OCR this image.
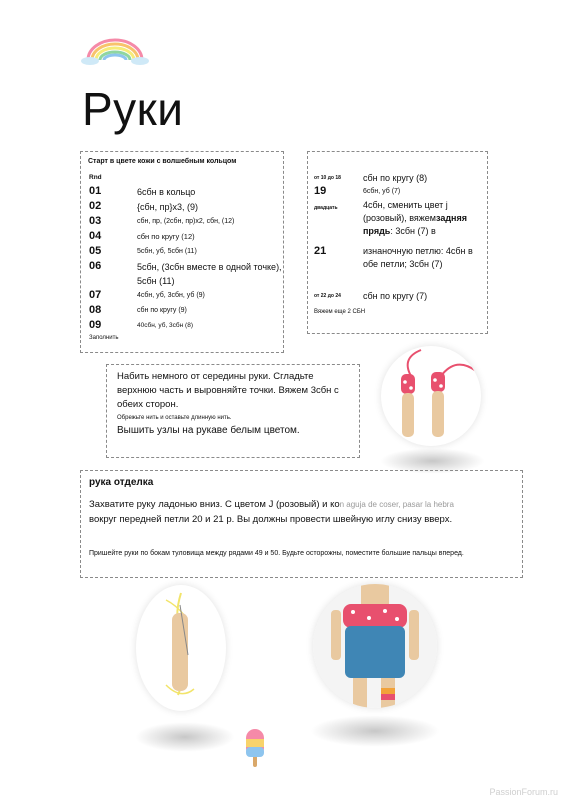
Руки
Старт в цвете кожи с волшебным кольцом
Rnd
01	6сбн в кольцо
02	{сбн, пр}x3, (9)
03	сбн, пр, (2сбн, пр)x2, сбн, (12)
04	сбн по кругу (12)
05	5сбн, уб, 5сбн (11)
06	5сбн, (3сбн вместе в одной точке), 5сбн (11)
07	4сбн, уб, 3сбн, уб (9)
08	сбн по кругу (9)
09	40сбн, уб, 3сбн (8)
Заполнить
от 10 до 18 сбн по кругу (8)
19	6сбн, уб (7)
двадцать	4сбн, сменить цвет j (розовый), вяжемзадняя прядь: 3сбн (7) в
21	изнаночную петлю: 4сбн в обе петли; 3сбн (7)
от 22 до 24 сбн по кругу (7)
Вяжем еще 2 СБН

Набить немного от середины руки. Сгладьте верхнюю часть и выровняйте точки. Вяжем 3сбн с обеих сторон.

Обрежьте нить и оставьте длинную нить.

Вышить узлы на рукаве белым цветом.

рука отделка
Захватите руку ладонью вниз. С цветом J (розовый) и коn aguja de coser, pasar la hebra
вокруг передней петли 20 и 21 р. Вы должны провести швейную иглу снизу вверх.
Пришейте руки по бокам туловища между рядами 49 и 50. Будьте осторожны, поместите большие пальцы вперед.
PassionForum.ru
